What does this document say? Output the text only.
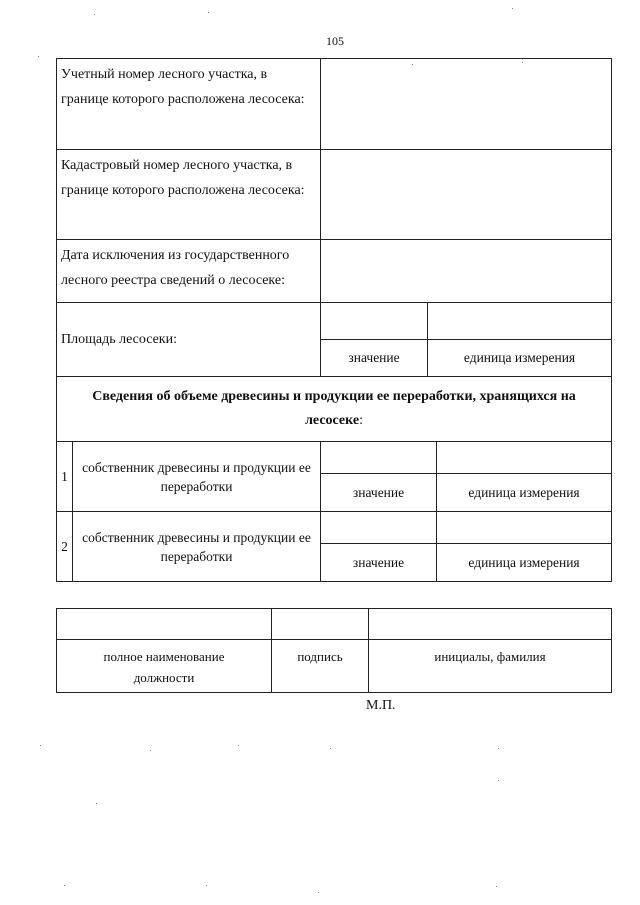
105
Учетный номер лесного участка, в границе которого расположена лесосека:				
Кадастровый номер лесного участка, в границе которого расположена лесосека:				
Дата исключения из государственного лесного реестра сведений о лесосеке:				
Площадь лесосеки:				
		значение	единица измерения	
Сведения об объеме древесины и продукции ее переработки, хранящихся на лесосеке:				
1	собственник древесины и продукции ее переработки			
		значение		единица измерения
2	собственник древесины и продукции ее переработки			
		значение		единица измерения

полное наименование должности	подпись	инициалы, фамилия
М.П.
